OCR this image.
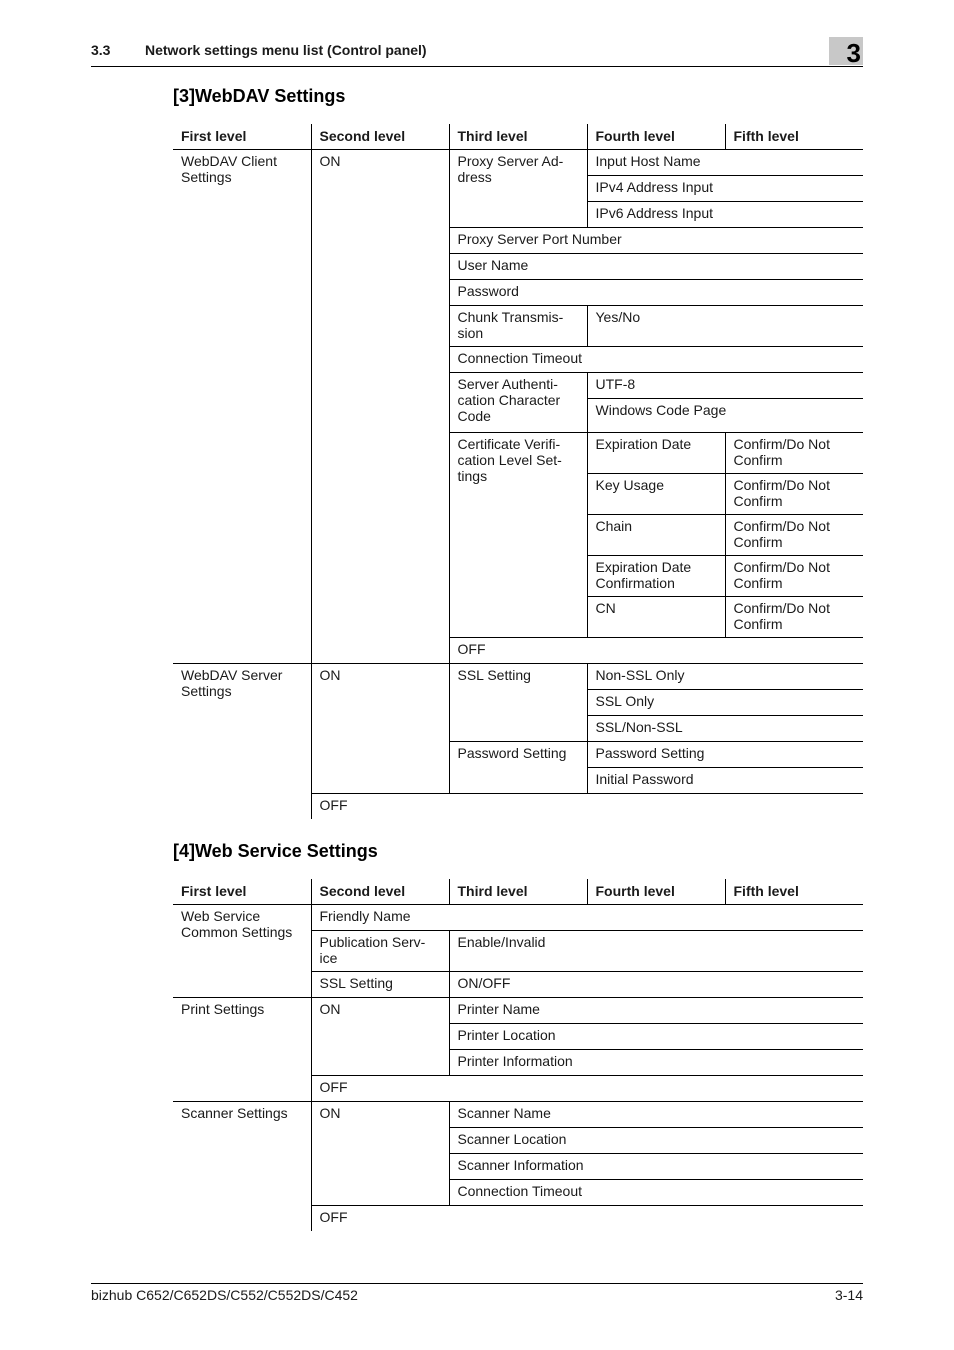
3.3 Network settings menu list (Control panel)	3
[3]WebDAV Settings
First level	Second level	Third level	Fourth level	Fifth level
WebDAV Client Settings	ON	Proxy Server Ad-dress	Input Host Name	
			IPv4 Address Input	
			IPv6 Address Input	
		Proxy Server Port Number		
		User Name		
		Password		
		Chunk Transmis-sion	Yes/No	
		Connection Timeout		
		Server Authenti-cation Character Code	UTF-8	
			Windows Code Page	
		Certificate Verifi-cation Level Set-tings	Expiration Date	Confirm/Do Not Confirm
			Key Usage	Confirm/Do Not Confirm
			Chain	Confirm/Do Not Confirm
			Expiration Date Confirmation	Confirm/Do Not Confirm
			CN	Confirm/Do Not Confirm
		OFF		
WebDAV Server Settings	ON	SSL Setting	Non-SSL Only
			SSL Only
			SSL/Non-SSL
		Password Setting	Password Setting
			Initial Password
	OFF		
[4]Web Service Settings
First level	Second level	Third level	Fourth level	Fifth level
Web Service Common Settings	Friendly Name			
	Publication Serv-ice	Enable/Invalid		
	SSL Setting	ON/OFF		
Print Settings	ON	Printer Name		
		Printer Location		
		Printer Information		
	OFF			
Scanner Settings	ON	Scanner Name		
		Scanner Location		
		Scanner Information		
		Connection Timeout		
	OFF			
bizhub C652/C652DS/C552/C552DS/C452	3-14
